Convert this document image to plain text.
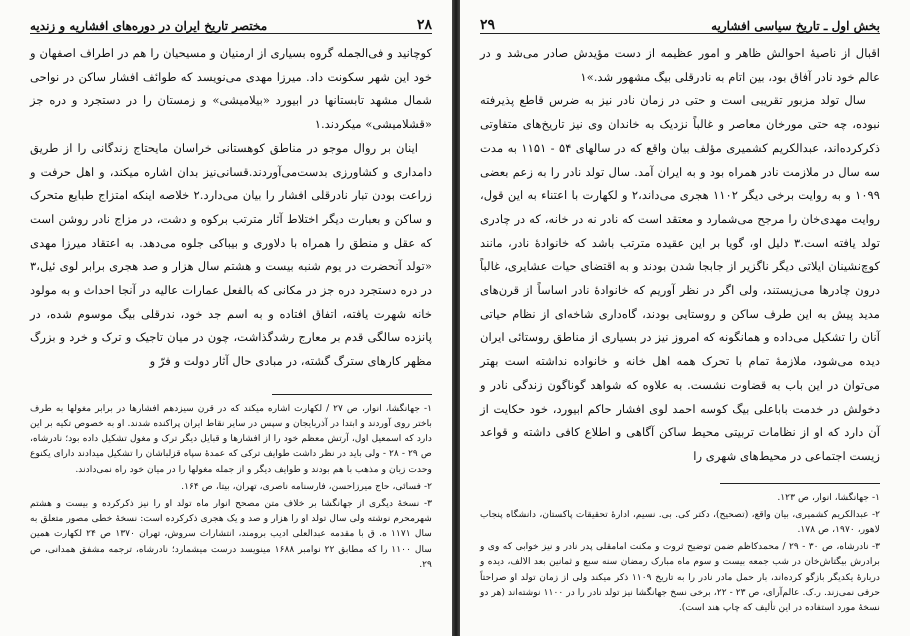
۲۸
مختصر تاریخ ایران در دوره‌های افشاریه و زندیه

کوچانید و فی‌الجمله گروه بسیاری از ارمنیان و مسیحیان را هم در اطراف اصفهان و خود این شهر سکونت داد. میرزا مهدی می‌نویسد که طوائف افشار ساکن در نواحی شمال مشهد تابستانها در ابیورد «بیلامیشی» و زمستان را در دستجرد و دره جز «قشلامیشی» میکردند.۱

اینان بر روال موجو در مناطق کوهستانی خراسان مایحتاج زندگانی را از طریق دامداری و کشاورزی بدست‌می‌آوردند.قسانی‌نیز بدان اشاره میکند، و اهل حرفت و زراعت بودن تبار نادرقلی افشار را بیان می‌دارد.۲ خلاصه اینکه امتزاج طبایع متحرک و ساکن و بعبارت دیگر اختلاط آثار مترتب برکوه و دشت، در مزاج نادر روشن است که عقل و منطق را همراه با دلاوری و بیباکی جلوه می‌دهد. به اعتقاد میرزا مهدی «تولد آنحضرت در یوم شنبه بیست و هشتم سال هزار و صد هجری برابر لوی ئیل،۳ در دره دستجرد دره جز در مکانی که بالفعل عمارات عالیه در آنجا احداث و به مولود خانه شهرت یافته، اتفاق افتاده و به اسم جد خود، ندرقلی بیگ موسوم شده، در پانزده سالگی قدم بر معارج رشدگذاشت، چون در میان تاجیک و ترک و خرد و بزرگ مظهر کارهای سترگ گشته، در مبادی حال آثار دولت و فرّ و

۱- جهانگشا، انوار، ص ۲۷ / لکهارت اشاره میکند که در قرن سیزدهم افشارها در برابر مغولها به طرف باختر روی آوردند و ابتدا در آذربایجان و سپس در سایر نقاط ایران پراکنده شدند. او به خصوص تکیه بر این دارد که اسمعیل اول، آرتش معظم خود را از افشارها و قبایل دیگر ترک و مغول تشکیل داده بود؛ نادرشاه، ص ۲۹ - ۲۸ - ولی باید در نظر داشت طوایف ترکی که عمدهٔ سپاه قزلباشان را تشکیل میدادند دارای یکنوع وحدت زبان و مذهب با هم بودند و طوایف دیگر و از جمله مغولها را در میان خود راه نمی‌دادند.

۲- فسائی، حاج میرزاحسن، فارسنامه ناصری، تهران، بیتا، ص ۱۶۴.

۳- نسخهٔ دیگری از جهانگشا بر خلاف متن مصحح انوار ماه تولد او را نیز ذکرکرده و بیست و هشتم شهرمحرم نوشته ولی سال تولد او را هزار و صد و یک هجری ذکرکرده است: نسخهٔ خطی مصور متعلق به سال ۱۱۷۱ ه. ق با مقدمه عبدالعلی ادیب برومند، انتشارات سروش، تهران ۱۳۷۰ ص ۲۴ لکهارت همین سال ۱۱۰۰ را که مطابق ۲۲ نوامبر ۱۶۸۸ مینویسد درست میشمارد؛ نادرشاه، ترجمه مشفق همدانی، ص ۲۹.

بخش اول ـ تاریخ سیاسی افشاریه
۲۹

اقبال از ناصیهٔ احوالش ظاهر و امور عظیمه از دست مؤیدش صادر می‌شد و در عالم خود نادر آفاق بود، بین اتام به نادرقلی بیگ مشهور شد.»۱

سال تولد مزبور تقریبی است و حتی در زمان نادر نیز به ضرس قاطع پذیرفته نبوده، چه حتی مورخان معاصر و غالباً نزدیک به خاندان وی نیز تاریخ‌های متفاوتی ذکرکرده‌اند، عبدالکریم کشمیری مؤلف بیان واقع که در سالهای ۵۴ - ۱۱۵۱ به مدت سه سال در ملازمت نادر همراه بود و به ایران آمد. سال تولد نادر را به زعم بعضی ۱۰۹۹ و به روایت برخی دیگر ۱۱۰۲ هجری می‌داند،۲ و لکهارت با اعتناء به این قول، روایت مهدی‌خان را مرجح می‌شمارد و معتقد است که نادر نه در خانه، که در چادری تولد یافته است.۳ دلیل او، گویا بر این عقیده مترتب باشد که خانوادهٔ نادر، مانند کوچ‌نشینان ایلاتی دیگر ناگزیر از جابجا شدن بودند و به اقتضای حیات عشایری، غالباً درون چادرها می‌زیستند، ولی اگر در نظر آوریم که خانوادهٔ نادر اساساً از قرن‌های مدید پیش به این طرف ساکن و روستایی بودند، گاه‌داری شاخه‌ای از نظام حیاتی آنان را تشکیل می‌داده و همانگونه که امروز نیز در بسیاری از مناطق روستائی ایران دیده می‌شود، ملازمهٔ تمام با تحرک همه اهل خانه و خانواده نداشته است بهتر می‌توان در این باب به قضاوت نشست. به علاوه که شواهد گوناگون زندگی نادر و دخولش در خدمت باباعلی بیگ کوسه احمد لوی افشار حاکم ابیورد، خود حکایت از آن دارد که او از نظامات تربیتی محیط ساکن آگاهی و اطلاع کافی داشته و قواعد زیست اجتماعی در محیط‌های شهری را

۱- جهانگشا، انوار، ص ۱۲۳.

۲- عبدالکریم کشمیری، بیان واقع، (تصحیح)، دکتر کی. بی. نسیم، ادارهٔ تحقیقات پاکستان، دانشگاه پنجاب لاهور، ۱۹۷۰، ص ۱۷۸.

۳- نادرشاه، ص ۳۰ - ۲۹ / محمدکاظم ضمن توضیح ثروت و مکنت امامقلی پدر نادر و نیز خوابی که وی و برادرش بیگتاش‌خان در شب جمعه بیست و سوم ماه مبارک رمضان سنه سبع و ثمانین بعد الالف، دیده و دربارهٔ یکدیگر بازگو کرده‌اند، بار حمل مادر نادر را به تاریخ ۱۱۰۹ ذکر میکند ولی از زمان تولد او صراحتاً حرفی نمی‌زند. ر.ک. عالم‌آرای، ص ۲۳ - ۲۲، برخی نسخ جهانگشا نیز تولد نادر را در ۱۱۰۰ نوشته‌اند (هر دو نسخهٔ مورد استفاده در این تألیف که چاپ هند است).
